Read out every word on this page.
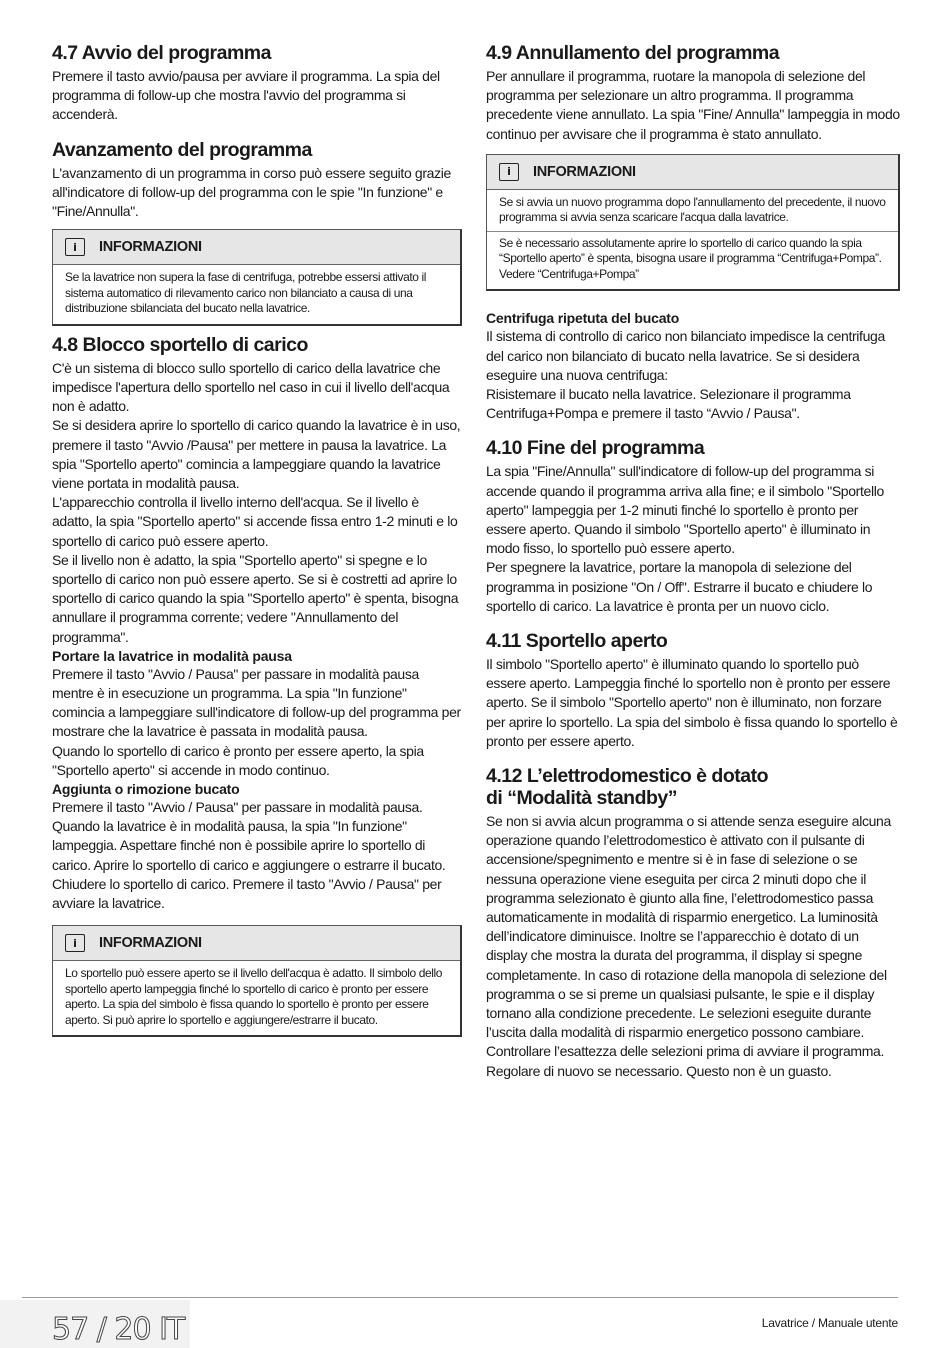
4.7 Avvio del programma

Premere il tasto avvio/pausa per avviare il programma. La spia del programma di follow-up che mostra l'avvio del programma si accenderà.

Avanzamento del programma

L'avanzamento di un programma in corso può essere seguito grazie all'indicatore di follow-up del programma con le spie "In funzione" e "Fine/Annulla".

i	INFORMAZIONI

Se la lavatrice non supera la fase di centrifuga, potrebbe essersi attivato il sistema automatico di rilevamento carico non bilanciato a causa di una distribuzione sbilanciata del bucato nella lavatrice.

4.8 Blocco sportello di carico

C'è un sistema di blocco sullo sportello di carico della lavatrice che impedisce l'apertura dello sportello nel caso in cui il livello dell'acqua non è adatto.

Se si desidera aprire lo sportello di carico quando la lavatrice è in uso, premere il tasto "Avvio /Pausa" per mettere in pausa la lavatrice. La spia "Sportello aperto" comincia a lampeggiare quando la lavatrice viene portata in modalità pausa.

L'apparecchio controlla il livello interno dell'acqua. Se il livello è adatto, la spia "Sportello aperto" si accende fissa entro 1-2 minuti e lo sportello di carico può essere aperto.

Se il livello non è adatto, la spia "Sportello aperto" si spegne e lo sportello di carico non può essere aperto. Se si è costretti ad aprire lo sportello di carico quando la spia "Sportello aperto" è spenta, bisogna annullare il programma corrente; vedere "Annullamento del programma".

Portare la lavatrice in modalità pausa

Premere il tasto "Avvio / Pausa" per passare in modalità pausa mentre è in esecuzione un programma. La spia "In funzione" comincia a lampeggiare sull'indicatore di follow-up del programma per mostrare che la lavatrice è passata in modalità pausa.

Quando lo sportello di carico è pronto per essere aperto, la spia "Sportello aperto" si accende in modo continuo.

Aggiunta o rimozione bucato

Premere il tasto "Avvio / Pausa" per passare in modalità pausa. Quando la lavatrice è in modalità pausa, la spia "In funzione" lampeggia. Aspettare finché non è possibile aprire lo sportello di carico. Aprire lo sportello di carico e aggiungere o estrarre il bucato.

Chiudere lo sportello di carico. Premere il tasto "Avvio / Pausa" per avviare la lavatrice.

i	INFORMAZIONI

Lo sportello può essere aperto se il livello dell'acqua è adatto. Il simbolo dello sportello aperto lampeggia finché lo sportello di carico è pronto per essere aperto. La spia del simbolo è fissa quando lo sportello è pronto per essere aperto. Si può aprire lo sportello e aggiungere/estrarre il bucato.

4.9 Annullamento del programma

Per annullare il programma, ruotare la manopola di selezione del programma per selezionare un altro programma. Il programma precedente viene annullato. La spia "Fine/ Annulla" lampeggia in modo continuo per avvisare che il programma è stato annullato.

i	INFORMAZIONI

Se si avvia un nuovo programma dopo l'annullamento del precedente, il nuovo programma si avvia senza scaricare l'acqua dalla lavatrice.

Se è necessario assolutamente aprire lo sportello di carico quando la spia “Sportello aperto” è spenta, bisogna usare il programma “Centrifuga+Pompa”. Vedere “Centrifuga+Pompa”

Centrifuga ripetuta del bucato

Il sistema di controllo di carico non bilanciato impedisce la centrifuga del carico non bilanciato di bucato nella lavatrice. Se si desidera eseguire una nuova centrifuga:

Risistemare il bucato nella lavatrice. Selezionare il programma Centrifuga+Pompa e premere il tasto “Avvio / Pausa".

4.10 Fine del programma

La spia "Fine/Annulla" sull'indicatore di follow-up del programma si accende quando il programma arriva alla fine; e il simbolo "Sportello aperto" lampeggia per 1-2 minuti finché lo sportello è pronto per essere aperto. Quando il simbolo "Sportello aperto" è illuminato in modo fisso, lo sportello può essere aperto.

Per spegnere la lavatrice, portare la manopola di selezione del programma in posizione "On / Off". Estrarre il bucato e chiudere lo sportello di carico. La lavatrice è pronta per un nuovo ciclo.

4.11 Sportello aperto

Il simbolo "Sportello aperto" è illuminato quando lo sportello può essere aperto. Lampeggia finché lo sportello non è pronto per essere aperto. Se il simbolo "Sportello aperto" non è illuminato, non forzare per aprire lo sportello. La spia del simbolo è fissa quando lo sportello è pronto per essere aperto.

4.12 L’elettrodomestico è dotato
di “Modalità standby”

Se non si avvia alcun programma o si attende senza eseguire alcuna operazione quando l’elettrodomestico è attivato con il pulsante di accensione/spegnimento e mentre si è in fase di selezione o se nessuna operazione viene eseguita per circa 2 minuti dopo che il programma selezionato è giunto alla fine, l’elettrodomestico passa automaticamente in modalità di risparmio energetico. La luminosità dell’indicatore diminuisce. Inoltre se l’apparecchio è dotato di un display che mostra la durata del programma, il display si spegne completamente. In caso di rotazione della manopola di selezione del programma o se si preme un qualsiasi pulsante, le spie e il display tornano alla condizione precedente. Le selezioni eseguite durante l’uscita dalla modalità di risparmio energetico possono cambiare. Controllare l’esattezza delle selezioni prima di avviare il programma. Regolare di nuovo se necessario. Questo non è un guasto.

57 / 20 IT	Lavatrice / Manuale utente
